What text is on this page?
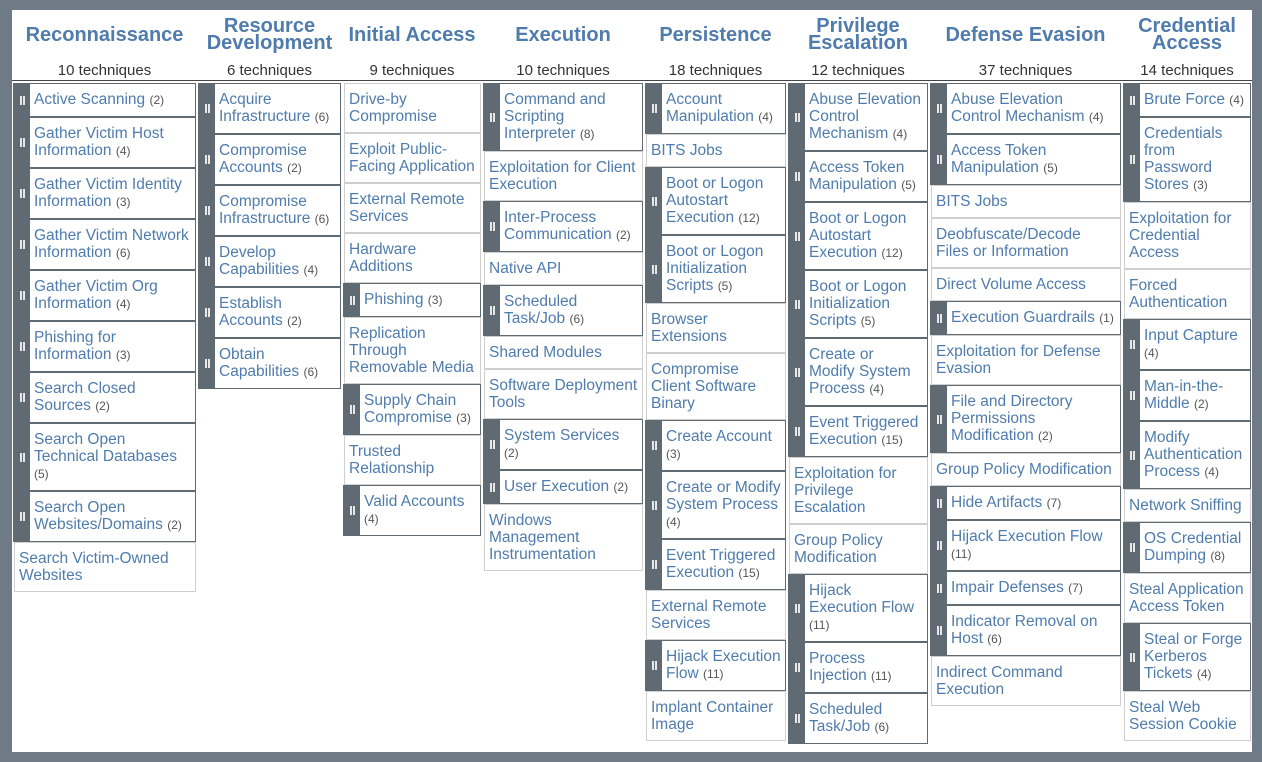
Reconnaissance
10 techniques
Active Scanning (2)
Gather Victim Host Information (4)
Gather Victim Identity Information (3)
Gather Victim Network Information (6)
Gather Victim Org Information (4)
Phishing for Information (3)
Search Closed Sources (2)
Search Open Technical Databases (5)
Search Open Websites/Domains (2)
Search Victim-Owned Websites
Resource Development
6 techniques
Acquire Infrastructure (6)
Compromise Accounts (2)
Compromise Infrastructure (6)
Develop Capabilities (4)
Establish Accounts (2)
Obtain Capabilities (6)
Initial Access
9 techniques
Drive-by Compromise
Exploit Public-Facing Application
External Remote Services
Hardware Additions
Phishing (3)
Replication Through Removable Media
Supply Chain Compromise (3)
Trusted Relationship
Valid Accounts (4)
Execution
10 techniques
Command and Scripting Interpreter (8)
Exploitation for Client Execution
Inter-Process Communication (2)
Native API
Scheduled Task/Job (6)
Shared Modules
Software Deployment Tools
System Services (2)
User Execution (2)
Windows Management Instrumentation
Persistence
18 techniques
Account Manipulation (4)
BITS Jobs
Boot or Logon Autostart Execution (12)
Boot or Logon Initialization Scripts (5)
Browser Extensions
Compromise Client Software Binary
Create Account (3)
Create or Modify System Process (4)
Event Triggered Execution (15)
External Remote Services
Hijack Execution Flow (11)
Implant Container Image
Privilege Escalation
12 techniques
Abuse Elevation Control Mechanism (4)
Access Token Manipulation (5)
Boot or Logon Autostart Execution (12)
Boot or Logon Initialization Scripts (5)
Create or Modify System Process (4)
Event Triggered Execution (15)
Exploitation for Privilege Escalation
Group Policy Modification
Hijack Execution Flow (11)
Process Injection (11)
Scheduled Task/Job (6)
Defense Evasion
37 techniques
Abuse Elevation Control Mechanism (4)
Access Token Manipulation (5)
BITS Jobs
Deobfuscate/Decode Files or Information
Direct Volume Access
Execution Guardrails (1)
Exploitation for Defense Evasion
File and Directory Permissions Modification (2)
Group Policy Modification
Hide Artifacts (7)
Hijack Execution Flow (11)
Impair Defenses (7)
Indicator Removal on Host (6)
Indirect Command Execution
Credential Access
14 techniques
Brute Force (4)
Credentials from Password Stores (3)
Exploitation for Credential Access
Forced Authentication
Input Capture (4)
Man-in-the-Middle (2)
Modify Authentication Process (4)
Network Sniffing
OS Credential Dumping (8)
Steal Application Access Token
Steal or Forge Kerberos Tickets (4)
Steal Web Session Cookie
